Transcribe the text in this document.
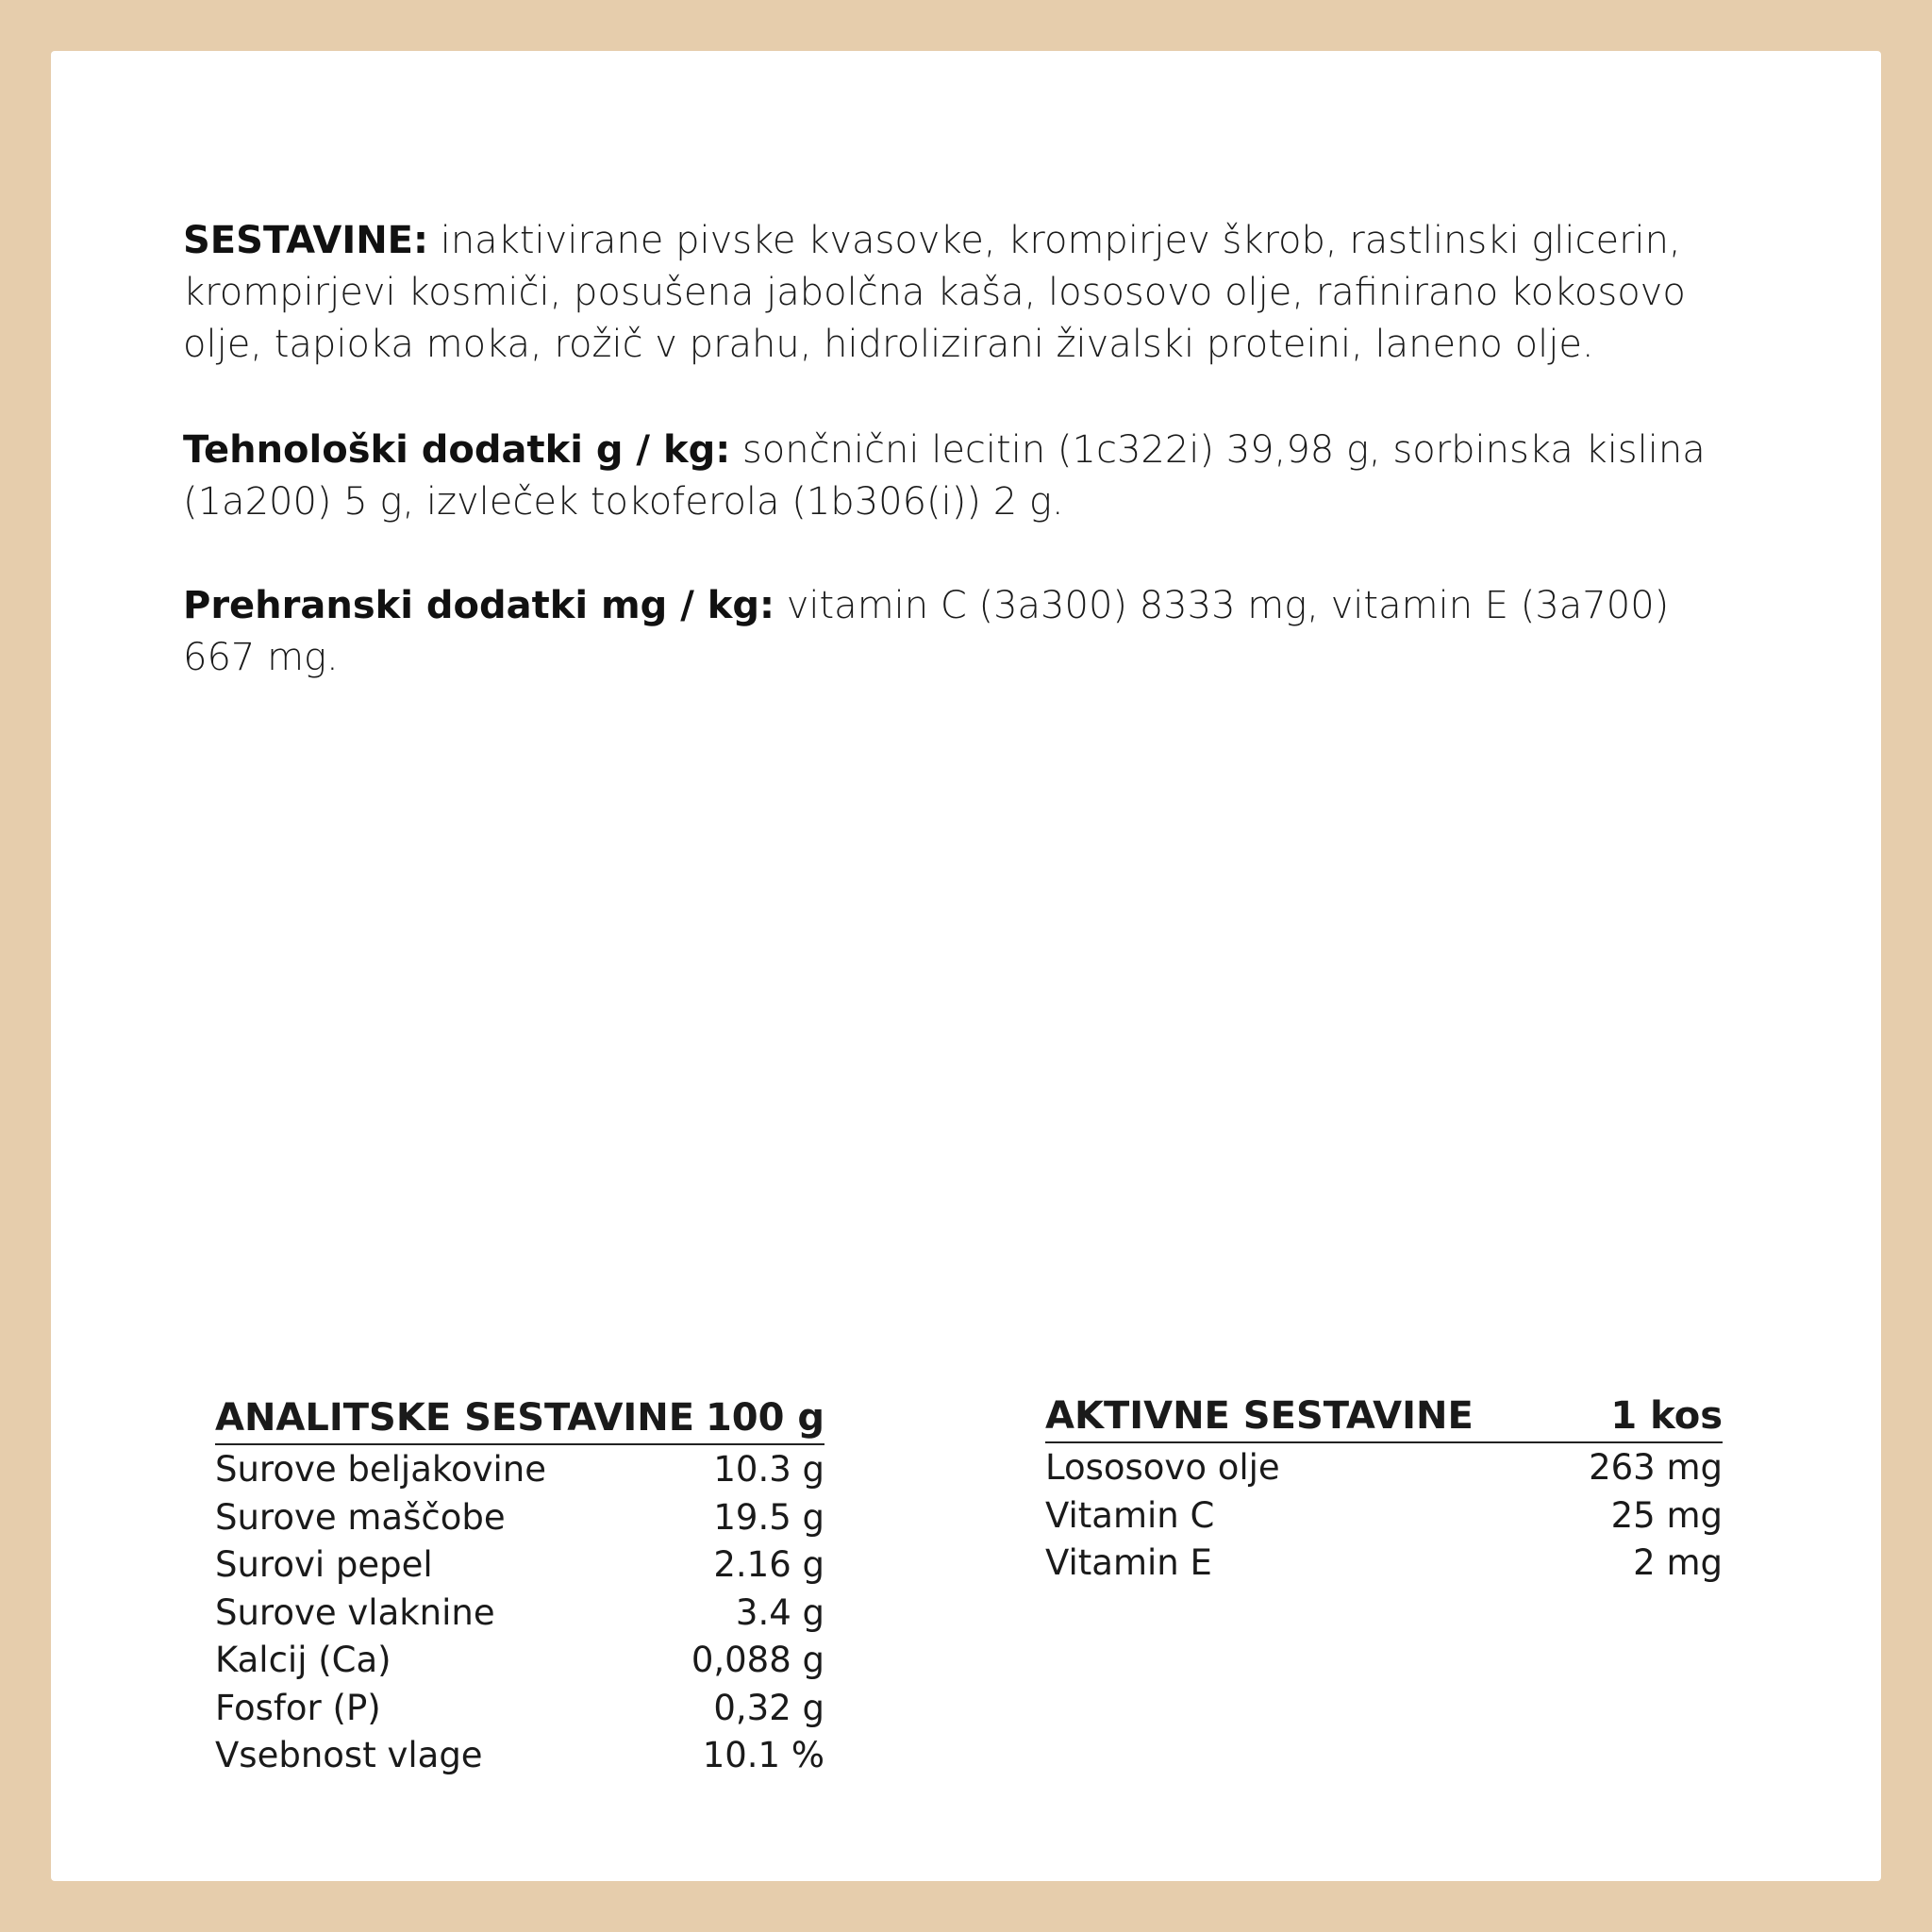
SESTAVINE: inaktivirane pivske kvasovke, krompirjev škrob, rastlinski glicerin, krompirjevi kosmiči, posušena jabolčna kaša, lososovo olje, rafinirano kokosovo olje, tapioka moka, rožič v prahu, hidrolizirani živalski proteini, laneno olje.
Tehnološki dodatki g / kg: sončnični lecitin (1c322i) 39,98 g, sorbinska kislina (1a200) 5 g, izvleček tokoferola (1b306(i)) 2 g.
Prehranski dodatki mg / kg: vitamin C (3a300) 8333 mg, vitamin E (3a700) 667 mg.
ANALITSKE SESTAVINE 100 g
Surove beljakovine	10.3 g
Surove maščobe	19.5 g
Surovi pepel	2.16 g
Surove vlaknine	3.4 g
Kalcij (Ca)	0,088 g
Fosfor (P)	0,32 g
Vsebnost vlage	10.1 %
AKTIVNE SESTAVINE	1 kos
Lososovo olje	263 mg
Vitamin C	25 mg
Vitamin E	2 mg
